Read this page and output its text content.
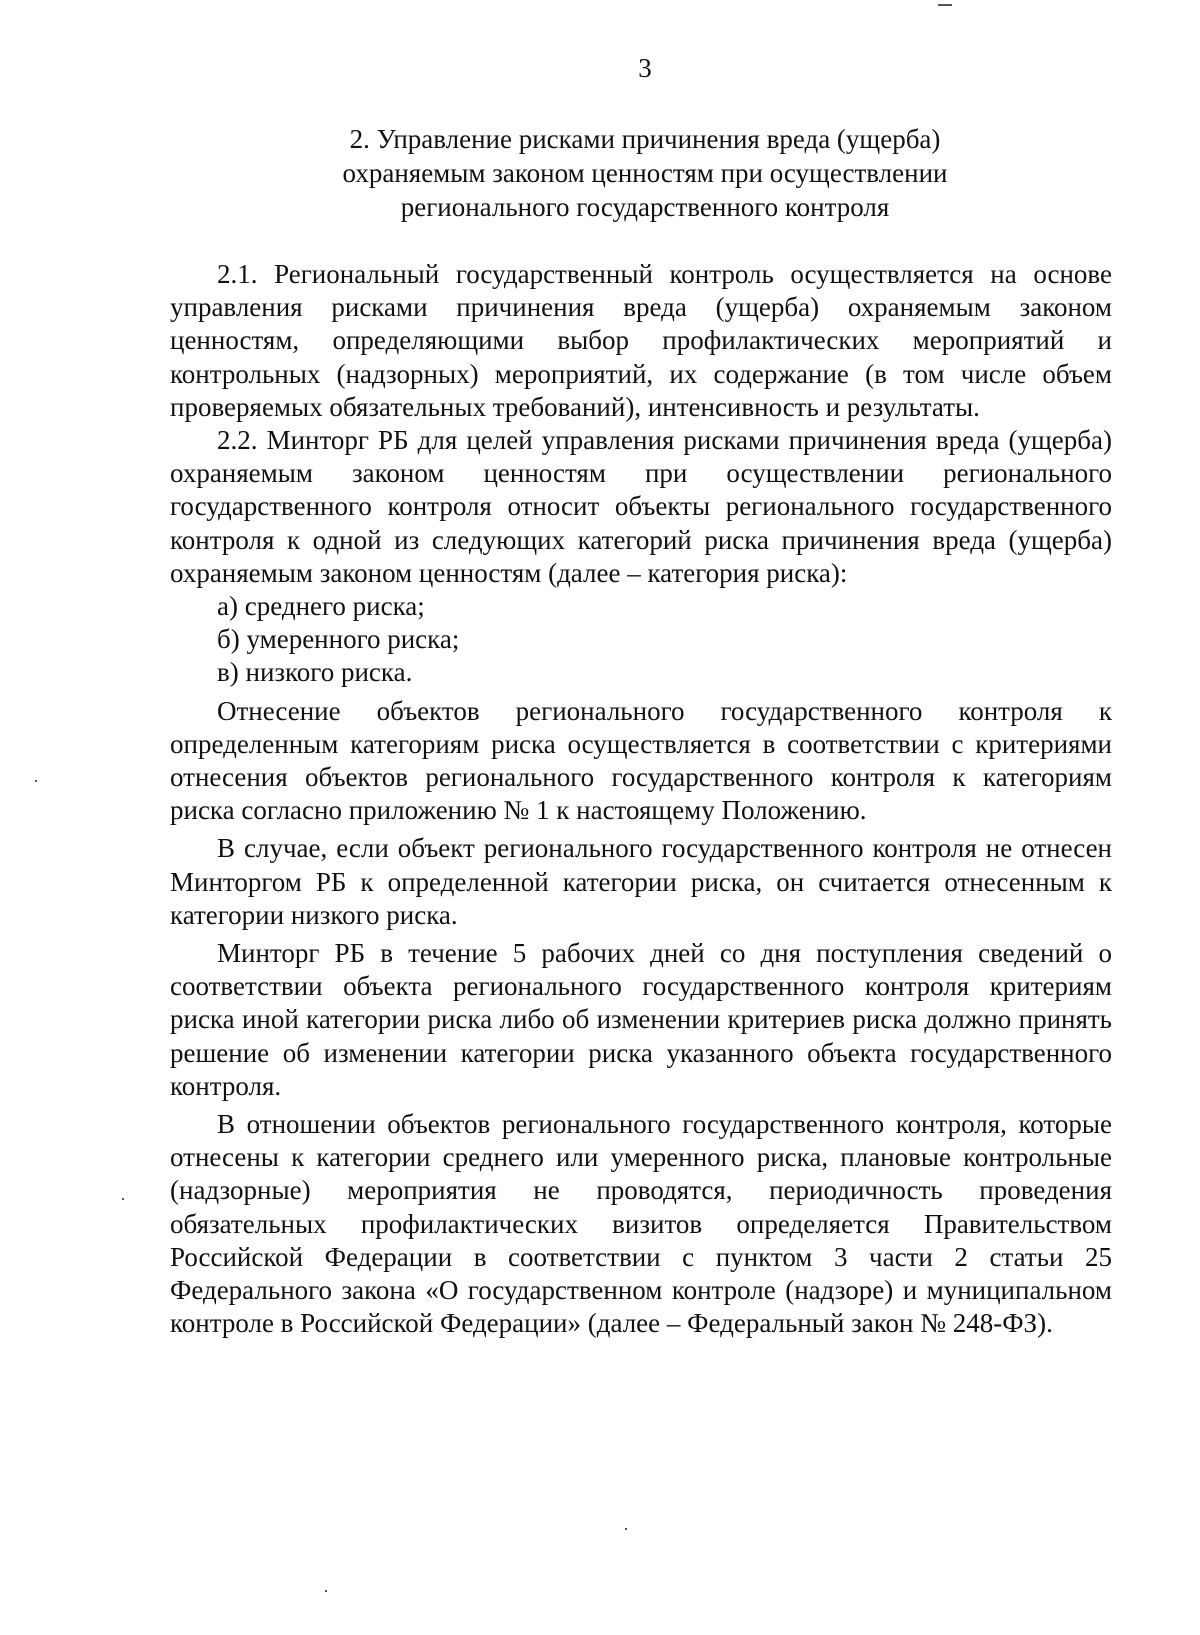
3
2. Управление рисками причинения вреда (ущерба)
охраняемым законом ценностям при осуществлении
регионального государственного контроля

2.1. Региональный государственный контроль осуществляется на основе управления рисками причинения вреда (ущерба) охраняемым законом ценностям, определяющими выбор профилактических мероприятий и контрольных (надзорных) мероприятий, их содержание (в том числе объем проверяемых обязательных требований), интенсивность и результаты.

2.2. Минторг РБ для целей управления рисками причинения вреда (ущерба) охраняемым законом ценностям при осуществлении регионального государственного контроля относит объекты регионального государственного контроля к одной из следующих категорий риска причинения вреда (ущерба) охраняемым законом ценностям (далее – категория риска):

а) среднего риска;

б) умеренного риска;

в) низкого риска.

Отнесение объектов регионального государственного контроля к определенным категориям риска осуществляется в соответствии с критериями отнесения объектов регионального государственного контроля к категориям риска согласно приложению № 1 к настоящему Положению.

В случае, если объект регионального государственного контроля не отнесен Минторгом РБ к определенной категории риска, он считается отнесенным к категории низкого риска.

Минторг РБ в течение 5 рабочих дней со дня поступления сведений о соответствии объекта регионального государственного контроля критериям риска иной категории риска либо об изменении критериев риска должно принять решение об изменении категории риска указанного объекта государственного контроля.

В отношении объектов регионального государственного контроля, которые отнесены к категории среднего или умеренного риска, плановые контрольные (надзорные) мероприятия не проводятся, периодичность проведения обязательных профилактических визитов определяется Правительством Российской Федерации в соответствии с пунктом 3 части 2 статьи 25 Федерального закона «О государственном контроле (надзоре) и муниципальном контроле в Российской Федерации» (далее – Федеральный закон № 248-ФЗ).
